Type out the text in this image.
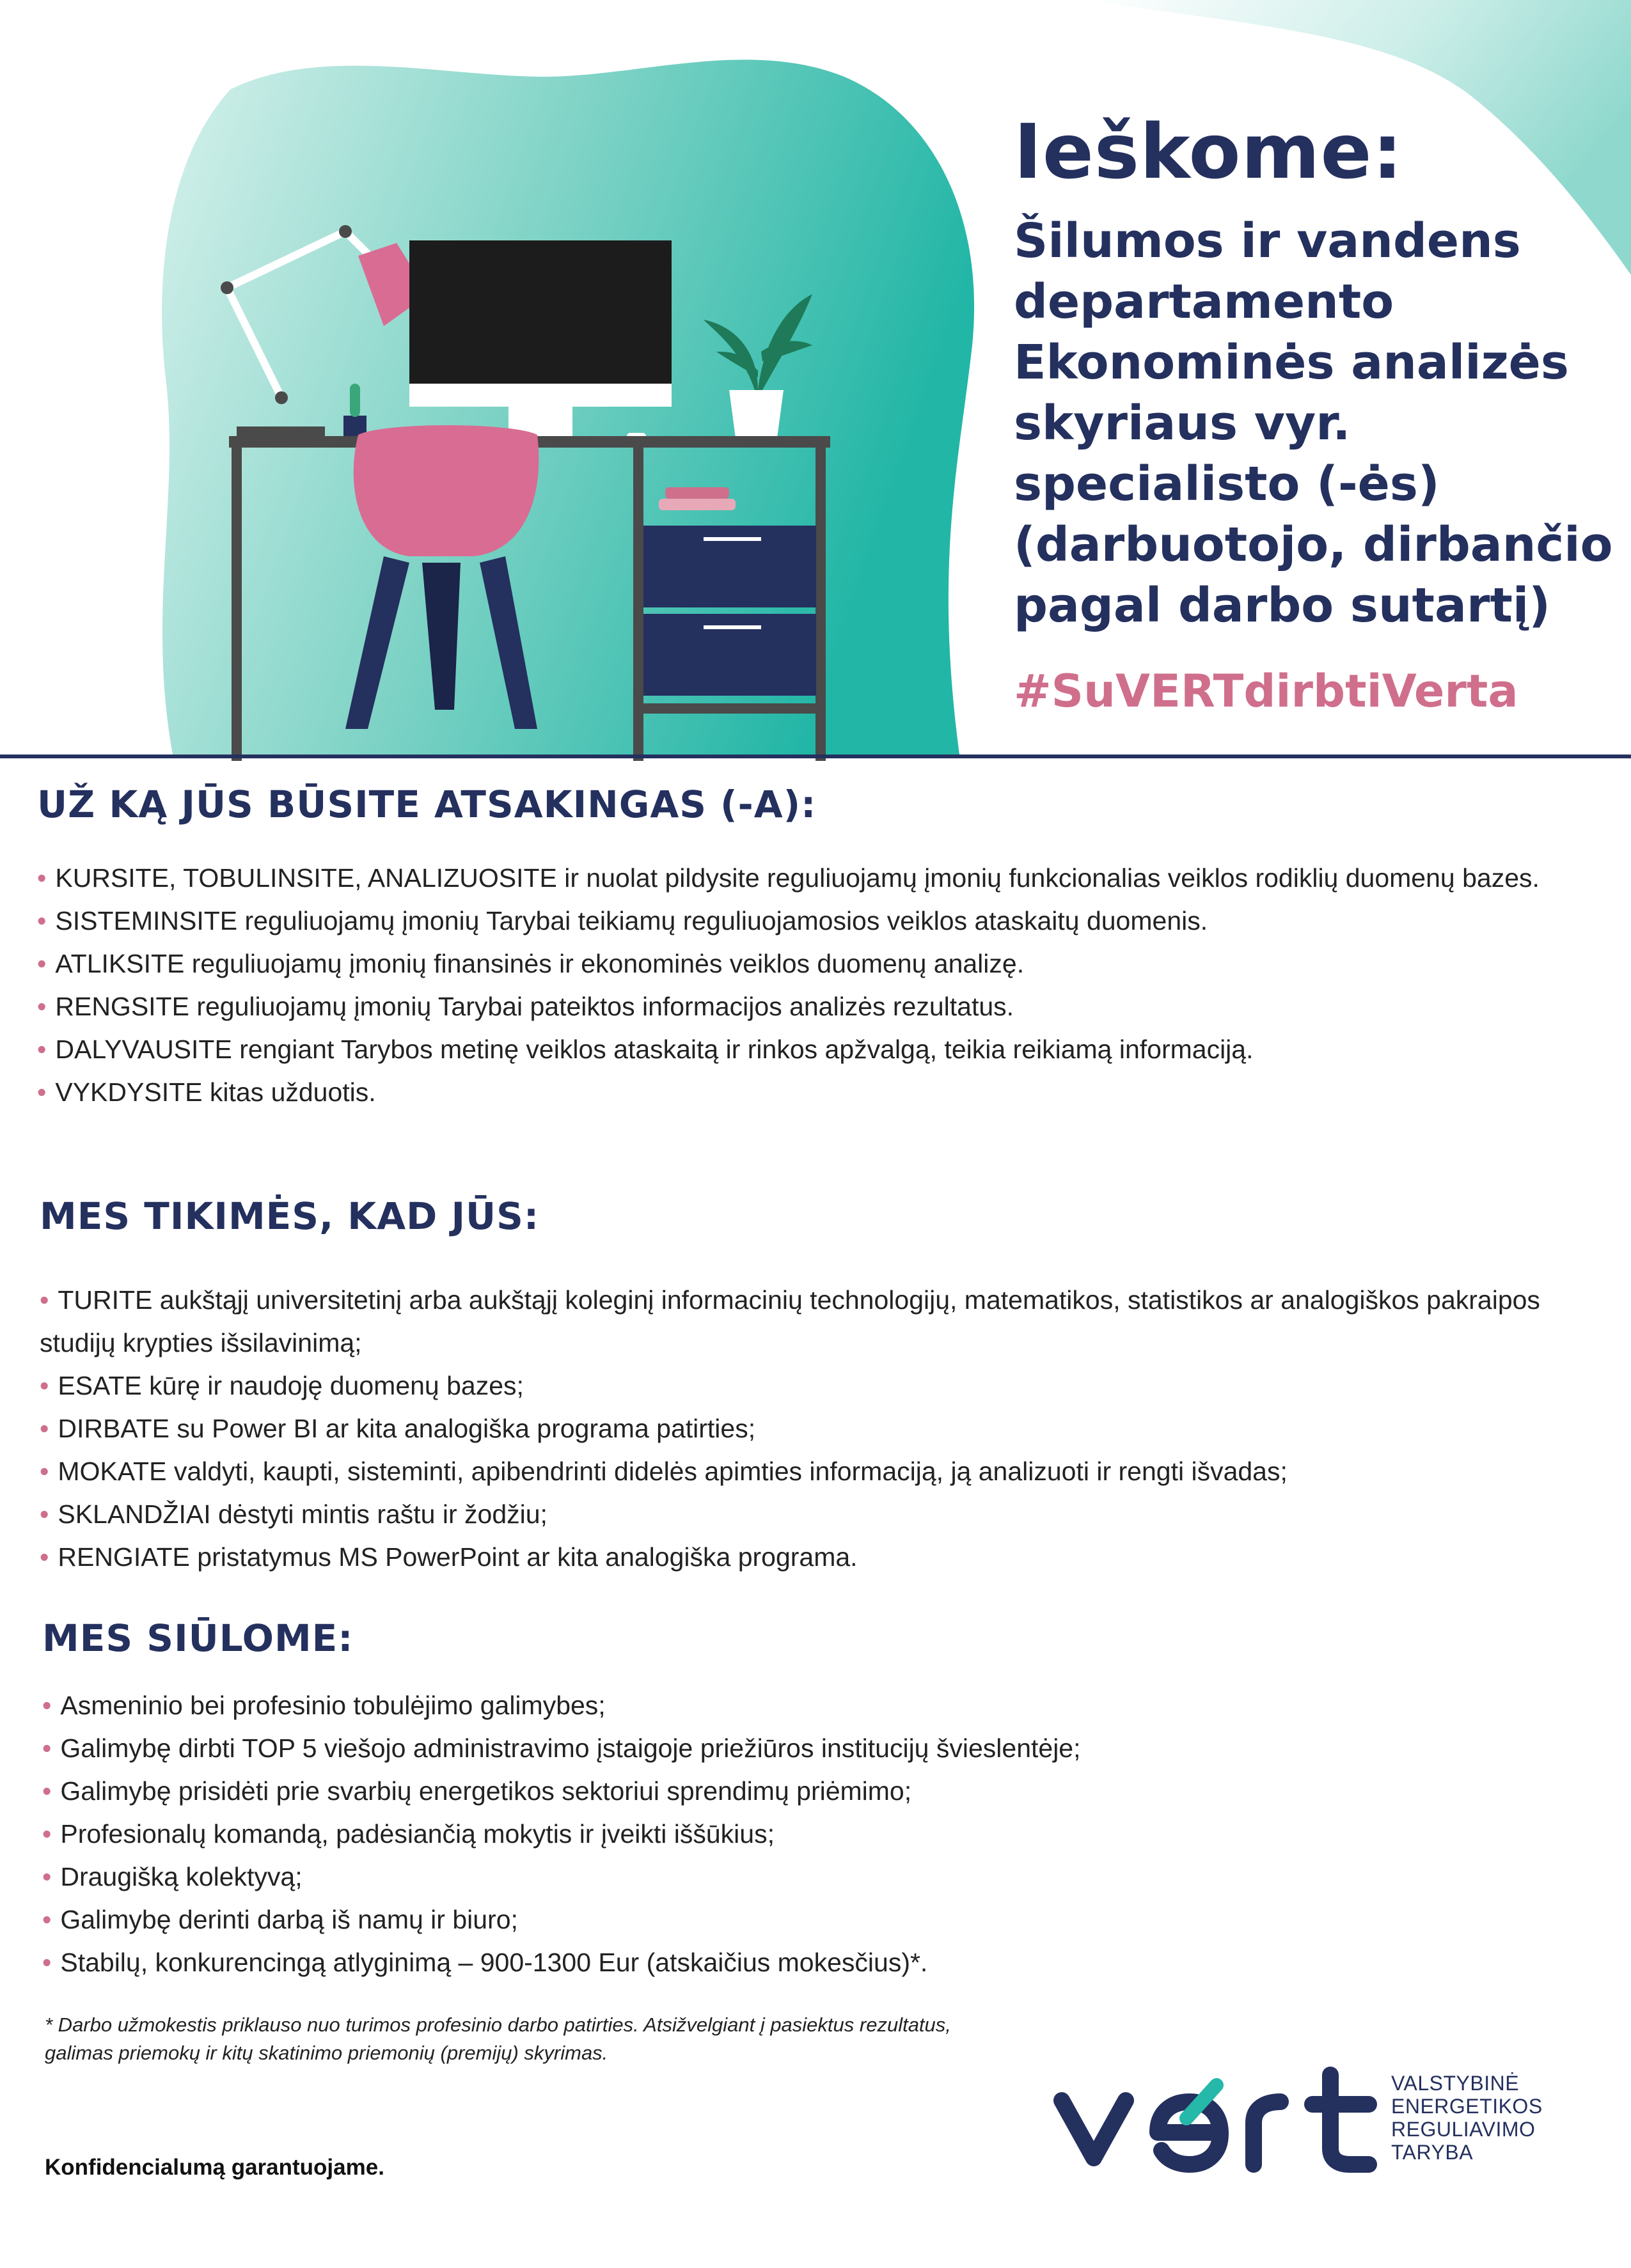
Ieškome:
Šilumos ir vandens
departamento
Ekonominės analizės
skyriaus vyr.
specialisto (-ės)
(darbuotojo, dirbančio
pagal darbo sutartį)
#SuVERTdirbtiVerta
UŽ KĄ JŪS BŪSITE ATSAKINGAS (-A):
• KURSITE, TOBULINSITE, ANALIZUOSITE ir nuolat pildysite reguliuojamų įmonių funkcionalias veiklos rodiklių duomenų bazes.
• SISTEMINSITE reguliuojamų įmonių Tarybai teikiamų reguliuojamosios veiklos ataskaitų duomenis.
• ATLIKSITE reguliuojamų įmonių finansinės ir ekonominės veiklos duomenų analizę.
• RENGSITE reguliuojamų įmonių Tarybai pateiktos informacijos analizės rezultatus.
• DALYVAUSITE rengiant Tarybos metinę veiklos ataskaitą ir rinkos apžvalgą, teikia reikiamą informaciją.
• VYKDYSITE kitas užduotis.
MES TIKIMĖS, KAD JŪS:
• TURITE aukštąjį universitetinį arba aukštąjį koleginį informacinių technologijų, matematikos, statistikos ar analogiškos pakraipos studijų krypties išsilavinimą;
• ESATE kūrę ir naudoję duomenų bazes;
• DIRBATE su Power BI ar kita analogiška programa patirties;
• MOKATE valdyti, kaupti, sisteminti, apibendrinti didelės apimties informaciją, ją analizuoti ir rengti išvadas;
• SKLANDŽIAI dėstyti mintis raštu ir žodžiu;
• RENGIATE pristatymus MS PowerPoint ar kita analogiška programa.
MES SIŪLOME:
• Asmeninio bei profesinio tobulėjimo galimybes;
• Galimybę dirbti TOP 5 viešojo administravimo įstaigoje priežiūros institucijų švieslentėje;
• Galimybę prisidėti prie svarbių energetikos sektoriui sprendimų priėmimo;
• Profesionalų komandą, padėsiančią mokytis ir įveikti iššūkius;
• Draugišką kolektyvą;
• Galimybę derinti darbą iš namų ir biuro;
• Stabilų, konkurencingą atlyginimą – 900-1300 Eur (atskaičius mokesčius)*.
* Darbo užmokestis priklauso nuo turimos profesinio darbo patirties. Atsižvelgiant į pasiektus rezultatus, galimas priemokų ir kitų skatinimo priemonių (premijų) skyrimas.
Konfidencialumą garantuojame.
VALSTYBINĖ
ENERGETIKOS
REGULIAVIMO
TARYBA
